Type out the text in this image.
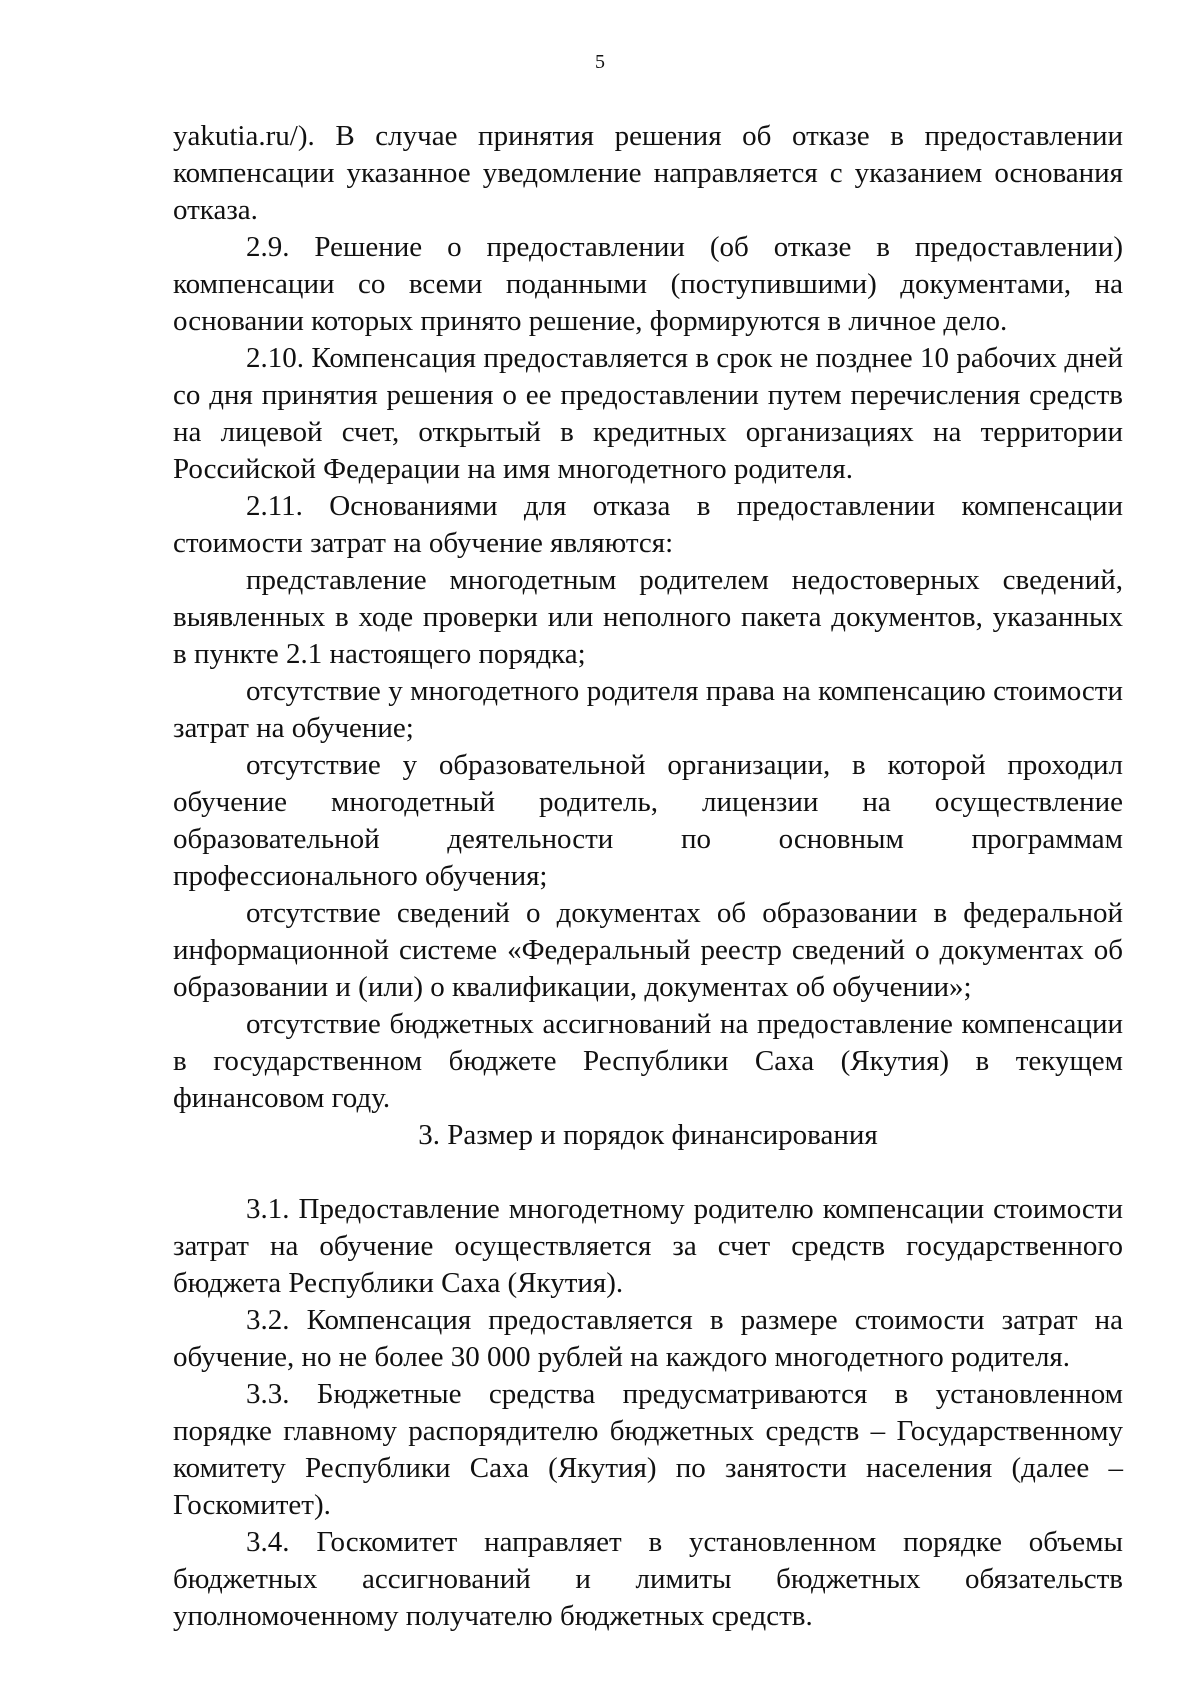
5

yakutia.ru/). В случае принятия решения об отказе в предоставлении компенсации указанное уведомление направляется с указанием основания отказа.

2.9. Решение о предоставлении (об отказе в предоставлении) компенсации со всеми поданными (поступившими) документами, на основании которых принято решение, формируются в личное дело.

2.10. Компенсация предоставляется в срок не позднее 10 рабочих дней со дня принятия решения о ее предоставлении путем перечисления средств на лицевой счет, открытый в кредитных организациях на территории Российской Федерации на имя многодетного родителя.

2.11. Основаниями для отказа в предоставлении компенсации стоимости затрат на обучение являются:

представление многодетным родителем недостоверных сведений, выявленных в ходе проверки или неполного пакета документов, указанных в пункте 2.1 настоящего порядка;

отсутствие у многодетного родителя права на компенсацию стоимости затрат на обучение;

отсутствие у образовательной организации, в которой проходил обучение многодетный родитель, лицензии на осуществление образовательной деятельности по основным программам профессионального обучения;

отсутствие сведений о документах об образовании в федеральной информационной системе «Федеральный реестр сведений о документах об образовании и (или) о квалификации, документах об обучении»;

отсутствие бюджетных ассигнований на предоставление компенсации в государственном бюджете Республики Саха (Якутия) в текущем финансовом году.

3. Размер и порядок финансирования

3.1. Предоставление многодетному родителю компенсации стоимости затрат на обучение осуществляется за счет средств государственного бюджета Республики Саха (Якутия).

3.2. Компенсация предоставляется в размере стоимости затрат на обучение, но не более 30 000 рублей на каждого многодетного родителя.

3.3. Бюджетные средства предусматриваются в установленном порядке главному распорядителю бюджетных средств – Государственному комитету Республики Саха (Якутия) по занятости населения (далее – Госкомитет).

3.4. Госкомитет направляет в установленном порядке объемы бюджетных ассигнований и лимиты бюджетных обязательств уполномоченному получателю бюджетных средств.
